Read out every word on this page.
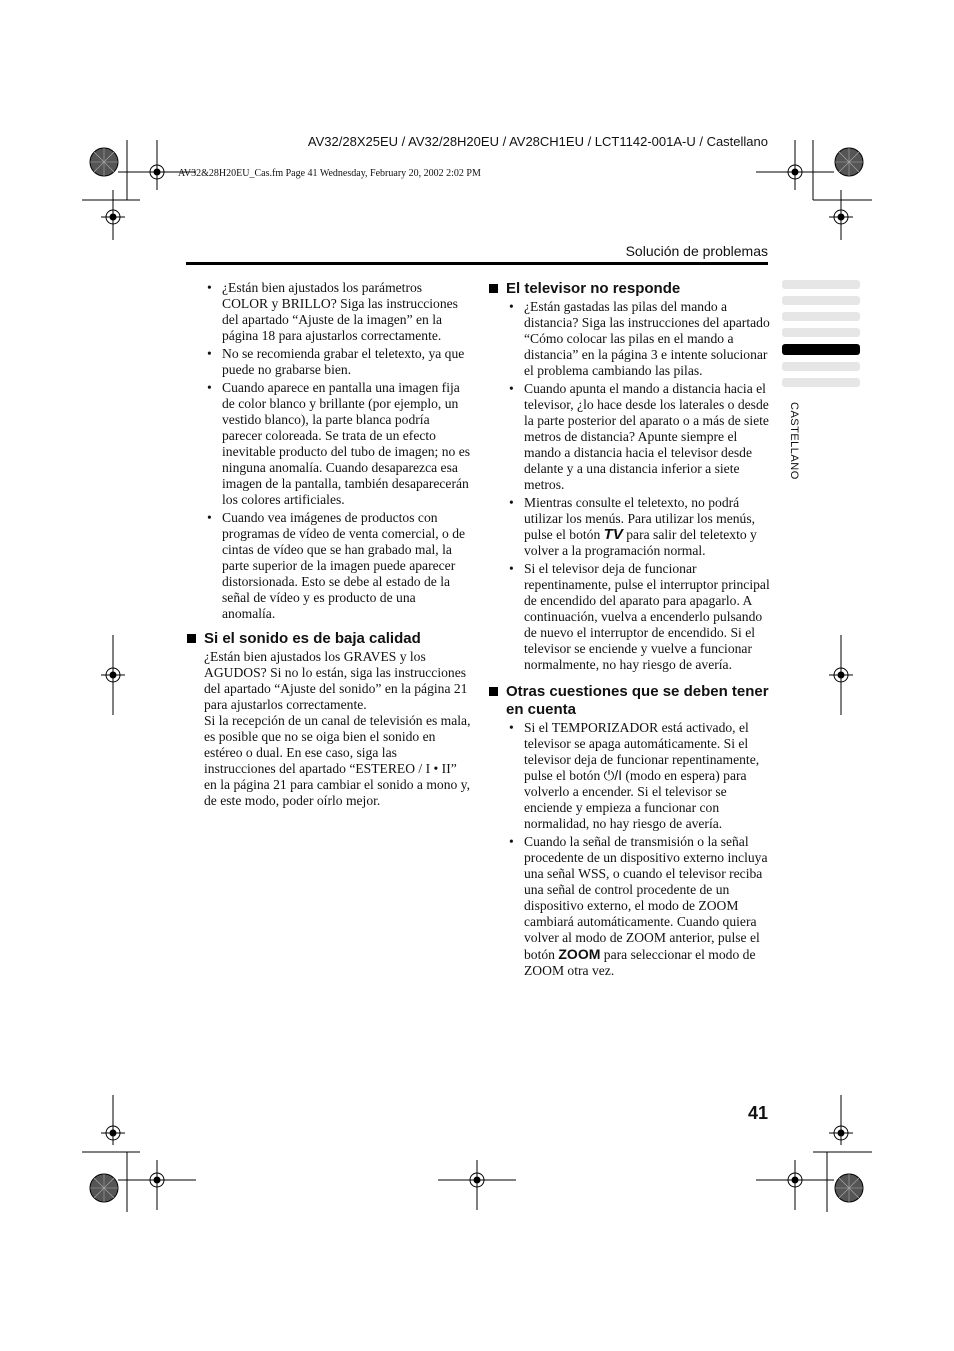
AV32/28X25EU / AV32/28H20EU / AV28CH1EU / LCT1142-001A-U / Castellano
AV32&28H20EU_Cas.fm Page 41 Wednesday, February 20, 2002 2:02 PM
Solución de problemas
• ¿Están bien ajustados los parámetros COLOR y BRILLO? Siga las instrucciones del apartado “Ajuste de la imagen” en la página 18 para ajustarlos correctamente.
• No se recomienda grabar el teletexto, ya que puede no grabarse bien.
• Cuando aparece en pantalla una imagen fija de color blanco y brillante (por ejemplo, un vestido blanco), la parte blanca podría parecer coloreada. Se trata de un efecto inevitable producto del tubo de imagen; no es ninguna anomalía. Cuando desaparezca esa imagen de la pantalla, también desaparecerán los colores artificiales.
• Cuando vea imágenes de productos con programas de vídeo de venta comercial, o de cintas de vídeo que se han grabado mal, la parte superior de la imagen puede aparecer distorsionada. Esto se debe al estado de la señal de vídeo y es producto de una anomalía.
Si el sonido es de baja calidad
¿Están bien ajustados los GRAVES y los AGUDOS? Si no lo están, siga las instrucciones del apartado “Ajuste del sonido” en la página 21 para ajustarlos correctamente.
Si la recepción de un canal de televisión es mala, es posible que no se oiga bien el sonido en estéreo o dual. En ese caso, siga las instrucciones del apartado “ESTEREO / I • II” en la página 21 para cambiar el sonido a mono y, de este modo, poder oírlo mejor.
El televisor no responde
• ¿Están gastadas las pilas del mando a distancia? Siga las instrucciones del apartado “Cómo colocar las pilas en el mando a distancia” en la página 3 e intente solucionar el problema cambiando las pilas.
• Cuando apunta el mando a distancia hacia el televisor, ¿lo hace desde los laterales o desde la parte posterior del aparato o a más de siete metros de distancia? Apunte siempre el mando a distancia hacia el televisor desde delante y a una distancia inferior a siete metros.
• Mientras consulte el teletexto, no podrá utilizar los menús. Para utilizar los menús, pulse el botón TV para salir del teletexto y volver a la programación normal.
• Si el televisor deja de funcionar repentinamente, pulse el interruptor principal de encendido del aparato para apagarlo. A continuación, vuelva a encenderlo pulsando de nuevo el interruptor de encendido. Si el televisor se enciende y vuelve a funcionar normalmente, no hay riesgo de avería.
Otras cuestiones que se deben tener en cuenta
• Si el TEMPORIZADOR está activado, el televisor se apaga automáticamente. Si el televisor deja de funcionar repentinamente, pulse el botón ⏻/I (modo en espera) para volverlo a encender. Si el televisor se enciende y empieza a funcionar con normalidad, no hay riesgo de avería.
• Cuando la señal de transmisión o la señal procedente de un dispositivo externo incluya una señal WSS, o cuando el televisor reciba una señal de control procedente de un dispositivo externo, el modo de ZOOM cambiará automáticamente. Cuando quiera volver al modo de ZOOM anterior, pulse el botón ZOOM para seleccionar el modo de ZOOM otra vez.
CASTELLANO
41
